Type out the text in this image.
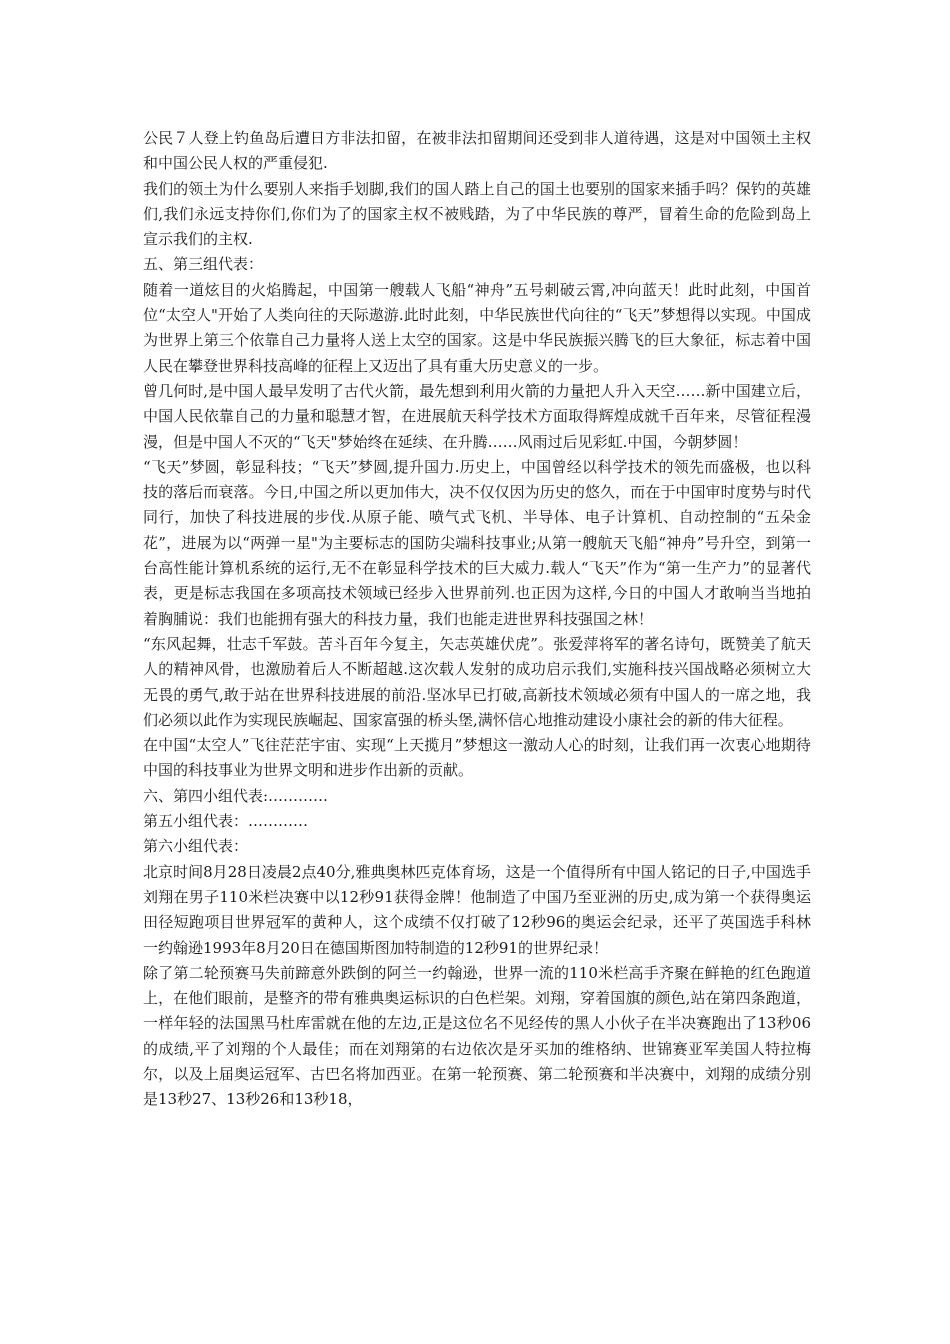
公民７人登上钓鱼岛后遭日方非法扣留，在被非法扣留期间还受到非人道待遇，这是对中国领土主权和中国公民人权的严重侵犯.

我们的领土为什么要别人来指手划脚,我们的国人踏上自己的国土也要别的国家来插手吗？保钓的英雄们,我们永远支持你们,你们为了的国家主权不被贱踏，为了中华民族的尊严，冒着生命的危险到岛上宣示我们的主权.

五、第三组代表：

随着一道炫目的火焰腾起，中国第一艘载人飞船“神舟”五号刺破云霄,冲向蓝天！此时此刻，中国首位“太空人"开始了人类向往的天际遨游.此时此刻，中华民族世代向往的“飞天”梦想得以实现。中国成为世界上第三个依靠自己力量将人送上太空的国家。这是中华民族振兴腾飞的巨大象征，标志着中国人民在攀登世界科技高峰的征程上又迈出了具有重大历史意义的一步。

曾几何时,是中国人最早发明了古代火箭，最先想到利用火箭的力量把人升入天空……新中国建立后，中国人民依靠自己的力量和聪慧才智，在进展航天科学技术方面取得辉煌成就千百年来，尽管征程漫漫，但是中国人不灭的“飞天"梦始终在延续、在升腾……风雨过后见彩虹.中国，今朝梦圆！

“飞天”梦圆，彰显科技；“飞天”梦圆,提升国力.历史上，中国曾经以科学技术的领先而盛极，也以科技的落后而衰落。今日,中国之所以更加伟大，决不仅仅因为历史的悠久，而在于中国审时度势与时代同行，加快了科技进展的步伐.从原子能、喷气式飞机、半导体、电子计算机、自动控制的“五朵金花”，进展为以“两弹一星"为主要标志的国防尖端科技事业;从第一艘航天飞船“神舟”号升空，到第一台高性能计算机系统的运行,无不在彰显科学技术的巨大威力.载人“飞天”作为“第一生产力”的显著代表，更是标志我国在多项高技术领域已经步入世界前列.也正因为这样,今日的中国人才敢响当当地拍着胸脯说：我们也能拥有强大的科技力量，我们也能走进世界科技强国之林！

“东风起舞，壮志千军鼓。苦斗百年今复主，矢志英雄伏虎”。张爱萍将军的著名诗句，既赞美了航天人的精神风骨，也激励着后人不断超越.这次载人发射的成功启示我们,实施科技兴国战略必须树立大无畏的勇气,敢于站在世界科技进展的前沿.坚冰早已打破,高新技术领域必须有中国人的一席之地，我们必须以此作为实现民族崛起、国家富强的桥头堡,满怀信心地推动建设小康社会的新的伟大征程。

在中国“太空人”飞往茫茫宇宙、实现“上天揽月”梦想这一激动人心的时刻，让我们再一次衷心地期待中国的科技事业为世界文明和进步作出新的贡献。

六、第四小组代表:…………

第五小组代表：…………

第六小组代表：

北京时间8月28日凌晨2点40分,雅典奥林匹克体育场，这是一个值得所有中国人铭记的日子,中国选手刘翔在男子110米栏决赛中以12秒91获得金牌！他制造了中国乃至亚洲的历史,成为第一个获得奥运田径短跑项目世界冠军的黄种人，这个成绩不仅打破了12秒96的奥运会纪录，还平了英国选手科林一约翰逊1993年8月20日在德国斯图加特制造的12秒91的世界纪录！

除了第二轮预赛马失前蹄意外跌倒的阿兰一约翰逊，世界一流的110米栏高手齐聚在鲜艳的红色跑道上，在他们眼前，是整齐的带有雅典奥运标识的白色栏架。刘翔，穿着国旗的颜色,站在第四条跑道，一样年轻的法国黑马杜库雷就在他的左边,正是这位名不见经传的黑人小伙子在半决赛跑出了13秒06的成绩,平了刘翔的个人最佳；而在刘翔第的右边依次是牙买加的维格纳、世锦赛亚军美国人特拉梅尔，以及上届奥运冠军、古巴名将加西亚。在第一轮预赛、第二轮预赛和半决赛中，刘翔的成绩分别是13秒27、13秒26和13秒18，
